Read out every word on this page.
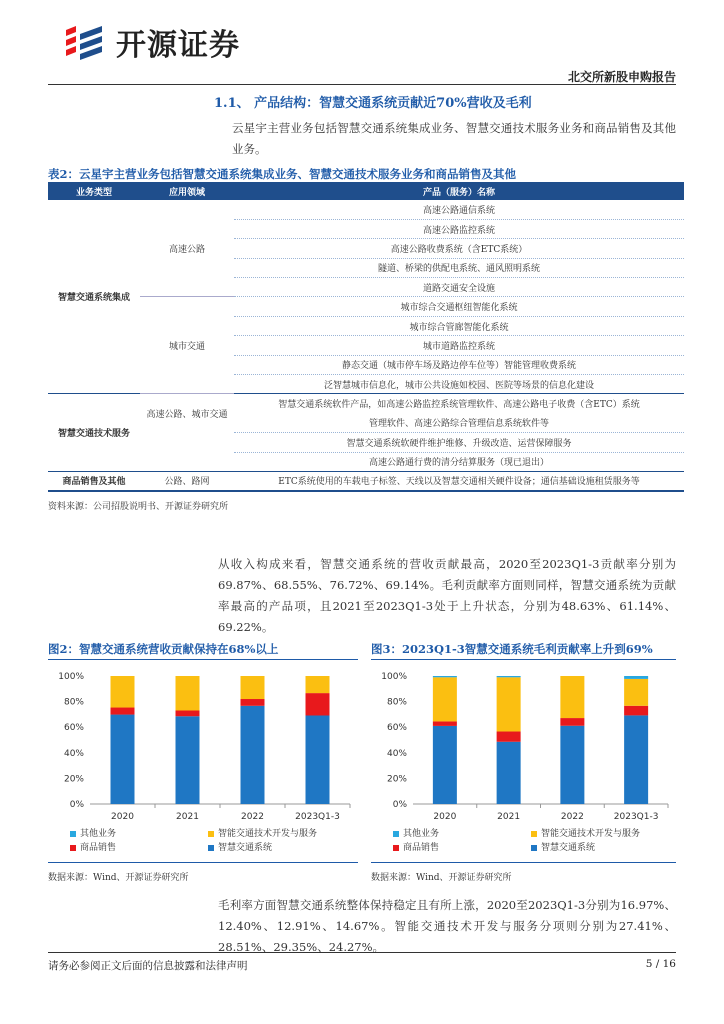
开源证券
北交所新股申购报告
1.1、 产品结构：智慧交通系统贡献近70%营收及毛利

云星宇主营业务包括智慧交通系统集成业务、智慧交通技术服务业务和商品销售及其他业务。

表2：云星宇主营业务包括智慧交通系统集成业务、智慧交通技术服务业务和商品销售及其他
业务类型	应用领域	产品（服务）名称
智慧交通系统集成	高速公路	高速公路通信系统
		高速公路监控系统
		高速公路收费系统（含ETC系统）
		隧道、桥梁的供配电系统、通风照明系统
		道路交通安全设施
	城市交通	城市综合交通枢纽智能化系统
		城市综合管廊智能化系统
		城市道路监控系统
		静态交通（城市停车场及路边停车位等）智能管理收费系统
		泛智慧城市信息化，城市公共设施如校园、医院等场景的信息化建设
智慧交通技术服务	高速公路、城市交通	智慧交通系统软件产品，如高速公路监控系统管理软件、高速公路电子收费（含ETC）系统
		管理软件、高速公路综合管理信息系统软件等
		智慧交通系统软硬件维护维修、升级改造、运营保障服务
		高速公路通行费的清分结算服务（现已退出）
商品销售及其他	公路、路网	ETC系统使用的车载电子标签、天线以及智慧交通相关硬件设备；通信基础设施租赁服务等
资料来源：公司招股说明书、开源证券研究所

从收入构成来看，智慧交通系统的营收贡献最高，2020至2023Q1-3贡献率分别为69.87%、68.55%、76.72%、69.14%。毛利贡献率方面则同样，智慧交通系统为贡献率最高的产品项，且2021至2023Q1-3处于上升状态，分别为48.63%、61.14%、69.22%。

图2：智慧交通系统营收贡献保持在68%以上
0%
20%
40%
60%
80%
100%
2020	2021	2022	2023Q1-3
其他业务	智能交通技术开发与服务
商品销售	智慧交通系统
数据来源：Wind、开源证券研究所
图3：2023Q1-3智慧交通系统毛利贡献率上升到69%
0%
20%
40%
60%
80%
100%
2020	2021	2022	2023Q1-3
其他业务	智能交通技术开发与服务
商品销售	智慧交通系统
数据来源：Wind、开源证券研究所

毛利率方面智慧交通系统整体保持稳定且有所上涨，2020至2023Q1-3分别为16.97%、12.40%、12.91%、14.67%。智能交通技术开发与服务分项则分别为27.41%、28.51%、29.35%、24.27%。

请务必参阅正文后面的信息披露和法律声明	5 / 16
